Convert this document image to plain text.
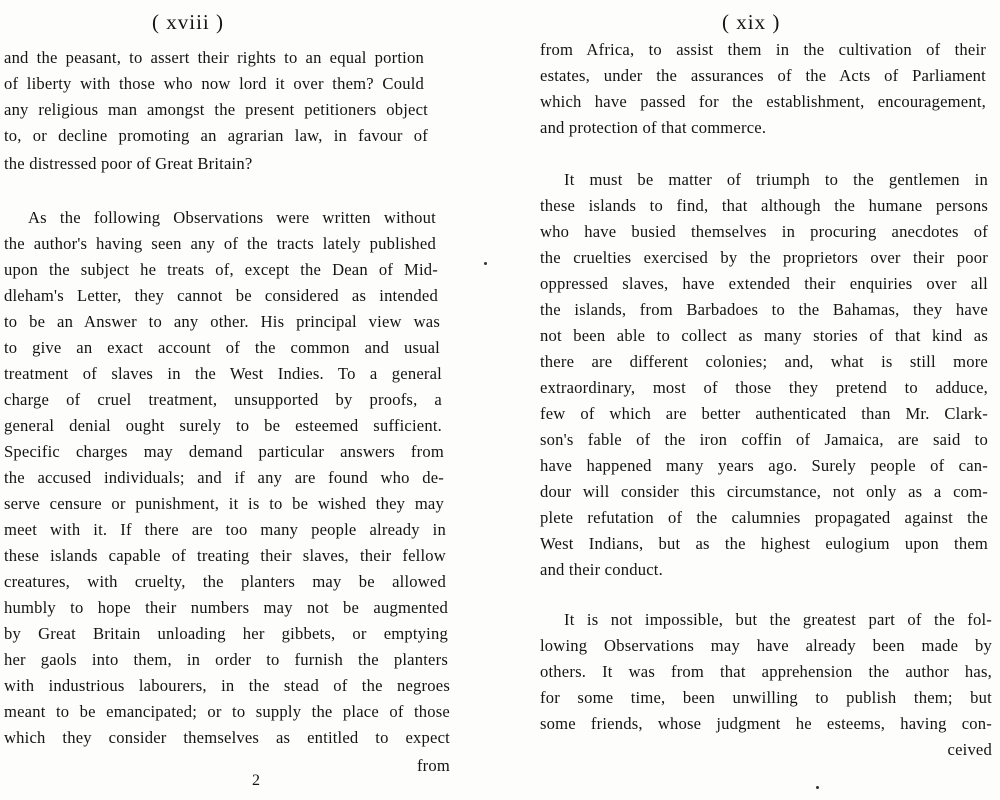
( xviii )
and the peasant, to assert their rights to an equal portion
of liberty with those who now lord it over them? Could
any religious man amongst the present petitioners object
to, or decline promoting an agrarian law, in favour of
the distressed poor of Great Britain?
As the following Observations were written without
the author's having seen any of the tracts lately published
upon the subject he treats of, except the Dean of Mid-
dleham's Letter, they cannot be considered as intended
to be an Answer to any other. His principal view was
to give an exact account of the common and usual
treatment of slaves in the West Indies. To a general
charge of cruel treatment, unsupported by proofs, a
general denial ought surely to be esteemed sufficient.
Specific charges may demand particular answers from
the accused individuals; and if any are found who de-
serve censure or punishment, it is to be wished they may
meet with it. If there are too many people already in
these islands capable of treating their slaves, their fellow
creatures, with cruelty, the planters may be allowed
humbly to hope their numbers may not be augmented
by Great Britain unloading her gibbets, or emptying
her gaols into them, in order to furnish the planters
with industrious labourers, in the stead of the negroes
meant to be emancipated; or to supply the place of those
which they consider themselves as entitled to expect
from
2
( xix )
from Africa, to assist them in the cultivation of their
estates, under the assurances of the Acts of Parliament
which have passed for the establishment, encouragement,
and protection of that commerce.
It must be matter of triumph to the gentlemen in
these islands to find, that although the humane persons
who have busied themselves in procuring anecdotes of
the cruelties exercised by the proprietors over their poor
oppressed slaves, have extended their enquiries over all
the islands, from Barbadoes to the Bahamas, they have
not been able to collect as many stories of that kind as
there are different colonies; and, what is still more
extraordinary, most of those they pretend to adduce,
few of which are better authenticated than Mr. Clark-
son's fable of the iron coffin of Jamaica, are said to
have happened many years ago. Surely people of can-
dour will consider this circumstance, not only as a com-
plete refutation of the calumnies propagated against the
West Indians, but as the highest eulogium upon them
and their conduct.
It is not impossible, but the greatest part of the fol-
lowing Observations may have already been made by
others. It was from that apprehension the author has,
for some time, been unwilling to publish them; but
some friends, whose judgment he esteems, having con-
ceived
